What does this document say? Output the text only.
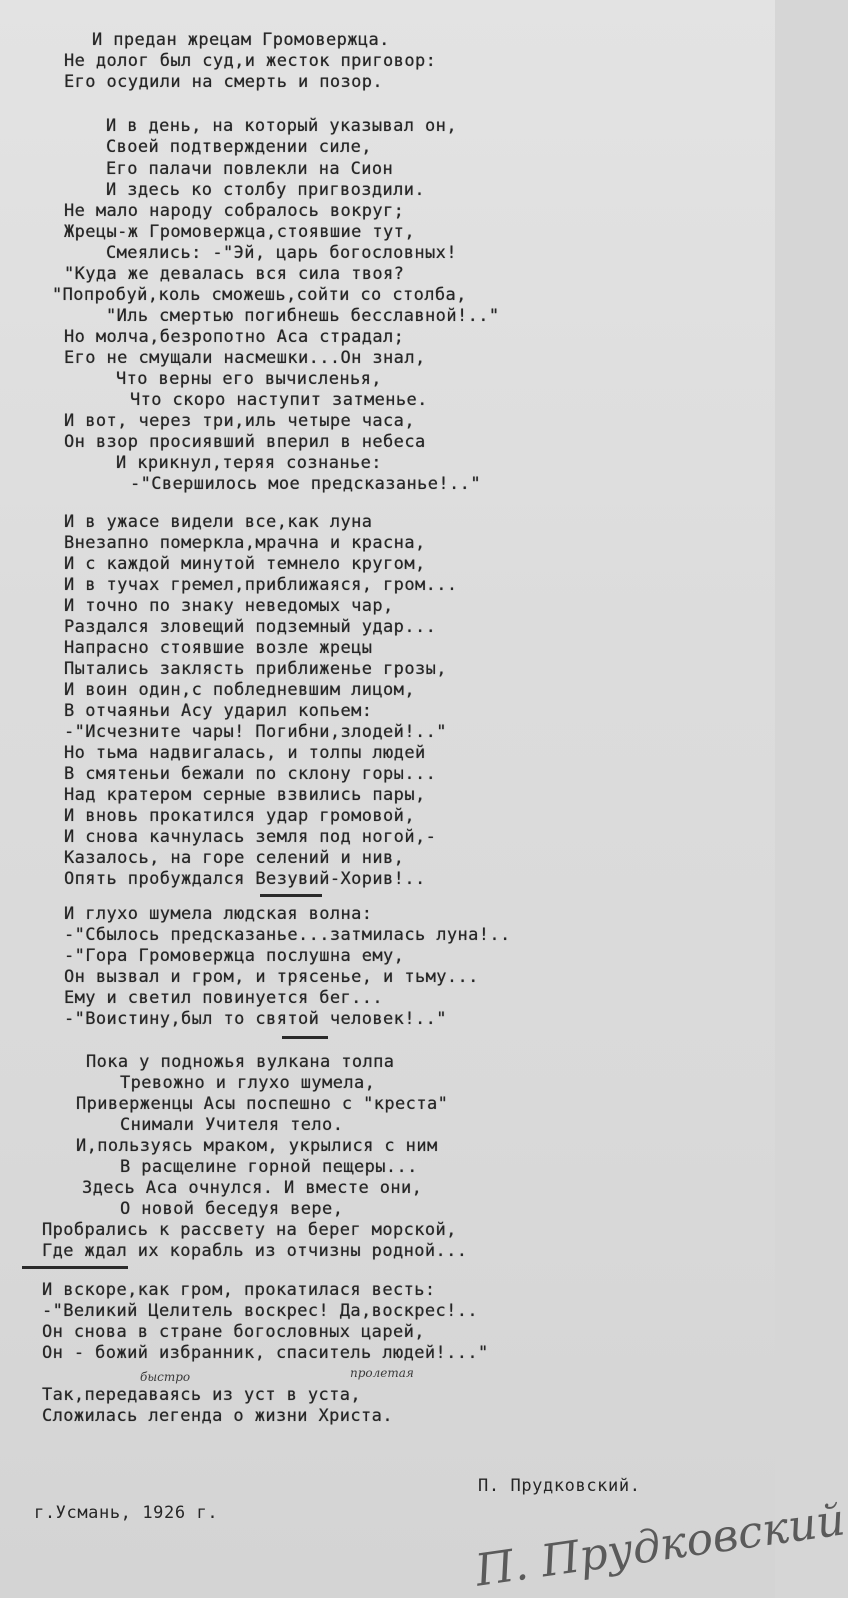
И предан жрецам Громовержца.
Не долог был суд,и жесток приговор:
Его осудили на смерть и позор.
И в день, на который указывал он,
Своей подтверждении силе,
Его палачи повлекли на Сион
И здесь ко столбу пригвоздили.
Не мало народу собралось вокруг;
Жрецы-ж Громовержца,стоявшие тут,
Смеялись: -"Эй, царь богословных!
"Куда же девалась вся сила твоя?
"Попробуй,коль сможешь,сойти со столба,
"Иль смертью погибнешь бесславной!.."
Но молча,безропотно Аса страдал;
Его не смущали насмешки...Он знал,
Что верны его вычисленья,
Что скоро наступит затменье.
И вот, через три,иль четыре часа,
Он взор просиявший вперил в небеса
И крикнул,теряя сознанье:
-"Свершилось мое предсказанье!.."
И в ужасе видели все,как луна
Внезапно померкла,мрачна и красна,
И с каждой минутой темнело кругом,
И в тучах гремел,приближаяся, гром...
И точно по знаку неведомых чар,
Раздался зловещий подземный удар...
Напрасно стоявшие возле жрецы
Пытались заклясть приближенье грозы,
И воин один,с побледневшим лицом,
В отчаяньи Асу ударил копьем:
-"Исчезните чары! Погибни,злодей!.."
Но тьма надвигалась, и толпы людей
В смятеньи бежали по склону горы...
Над кратером серные взвились пары,
И вновь прокатился удар громовой,
И снова качнулась земля под ногой,-
Казалось, на горе селений и нив,
Опять пробуждался Везувий-Хорив!..
И глухо шумела людская волна:
-"Сбылось предсказанье...затмилась луна!..
-"Гора Громовержца послушна ему,
Он вызвал и гром, и трясенье, и тьму...
Ему и светил повинуется бег...
-"Воистину,был то святой человек!.."
Пока у подножья вулкана толпа
Тревожно и глухо шумела,
Приверженцы Асы поспешно с "креста"
Снимали Учителя тело.
И,пользуясь мраком, укрылися с ним
В расщелине горной пещеры...
Здесь Аса очнулся. И вместе они,
О новой беседуя вере,
Пробрались к рассвету на берег морской,
Где ждал их корабль из отчизны родной...
И вскоре,как гром, прокатилася весть:
-"Великий Целитель воскрес! Да,воскрес!..
Он снова в стране богословных царей,
Он - божий избранник, спаситель людей!..."
быстро	пролетая
Так,передаваясь из уст в уста,
Сложилась легенда о жизни Христа.
П. Прудковский.
г.Усмань, 1926 г.	П. Прудковский
